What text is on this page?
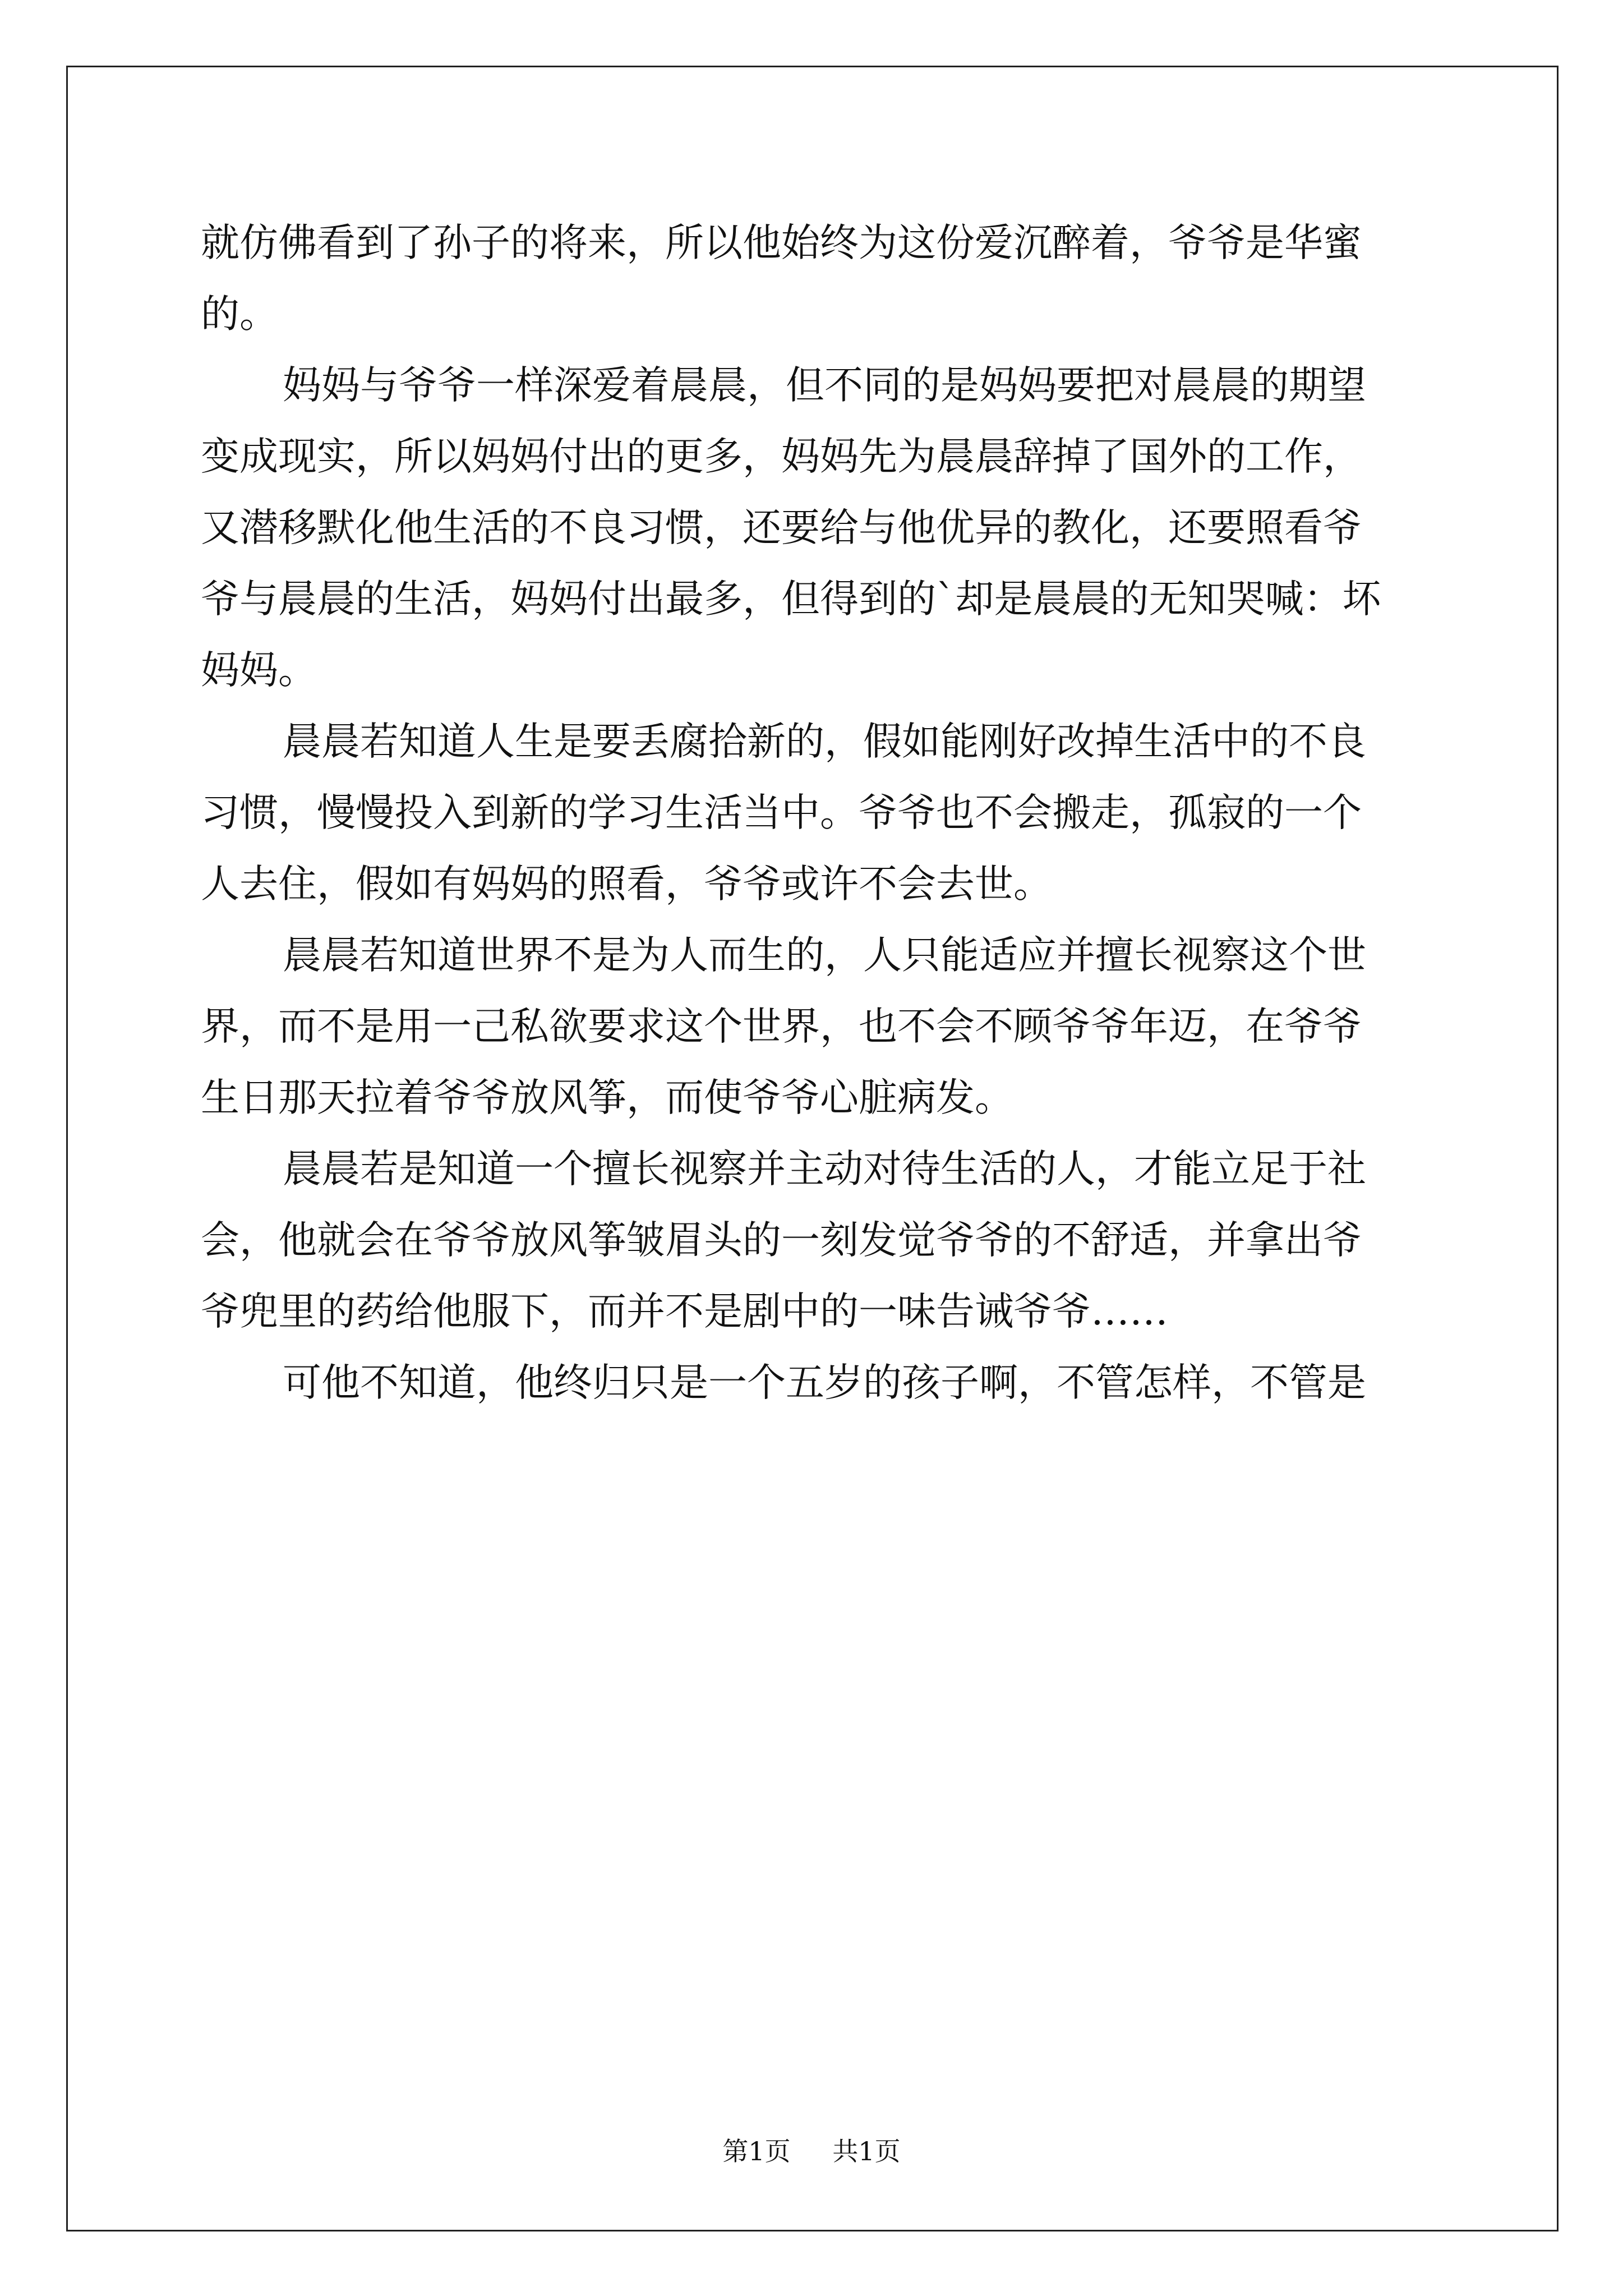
就仿佛看到了孙子的将来，所以他始终为这份爱沉醉着，爷爷是华蜜
的。

妈妈与爷爷一样深爱着晨晨，但不同的是妈妈要把对晨晨的期望
变成现实，所以妈妈付出的更多，妈妈先为晨晨辞掉了国外的工作，
又潜移默化他生活的不良习惯，还要给与他优异的教化，还要照看爷
爷与晨晨的生活，妈妈付出最多，但得到的`却是晨晨的无知哭喊：坏
妈妈。

晨晨若知道人生是要丢腐拾新的，假如能刚好改掉生活中的不良
习惯，慢慢投入到新的学习生活当中。爷爷也不会搬走，孤寂的一个
人去住，假如有妈妈的照看，爷爷或许不会去世。

晨晨若知道世界不是为人而生的，人只能适应并擅长视察这个世
界，而不是用一己私欲要求这个世界，也不会不顾爷爷年迈，在爷爷
生日那天拉着爷爷放风筝，而使爷爷心脏病发。

晨晨若是知道一个擅长视察并主动对待生活的人，才能立足于社
会，他就会在爷爷放风筝皱眉头的一刻发觉爷爷的不舒适，并拿出爷
爷兜里的药给他服下，而并不是剧中的一味告诫爷爷……

可他不知道，他终归只是一个五岁的孩子啊，不管怎样，不管是

第1页 共1页
